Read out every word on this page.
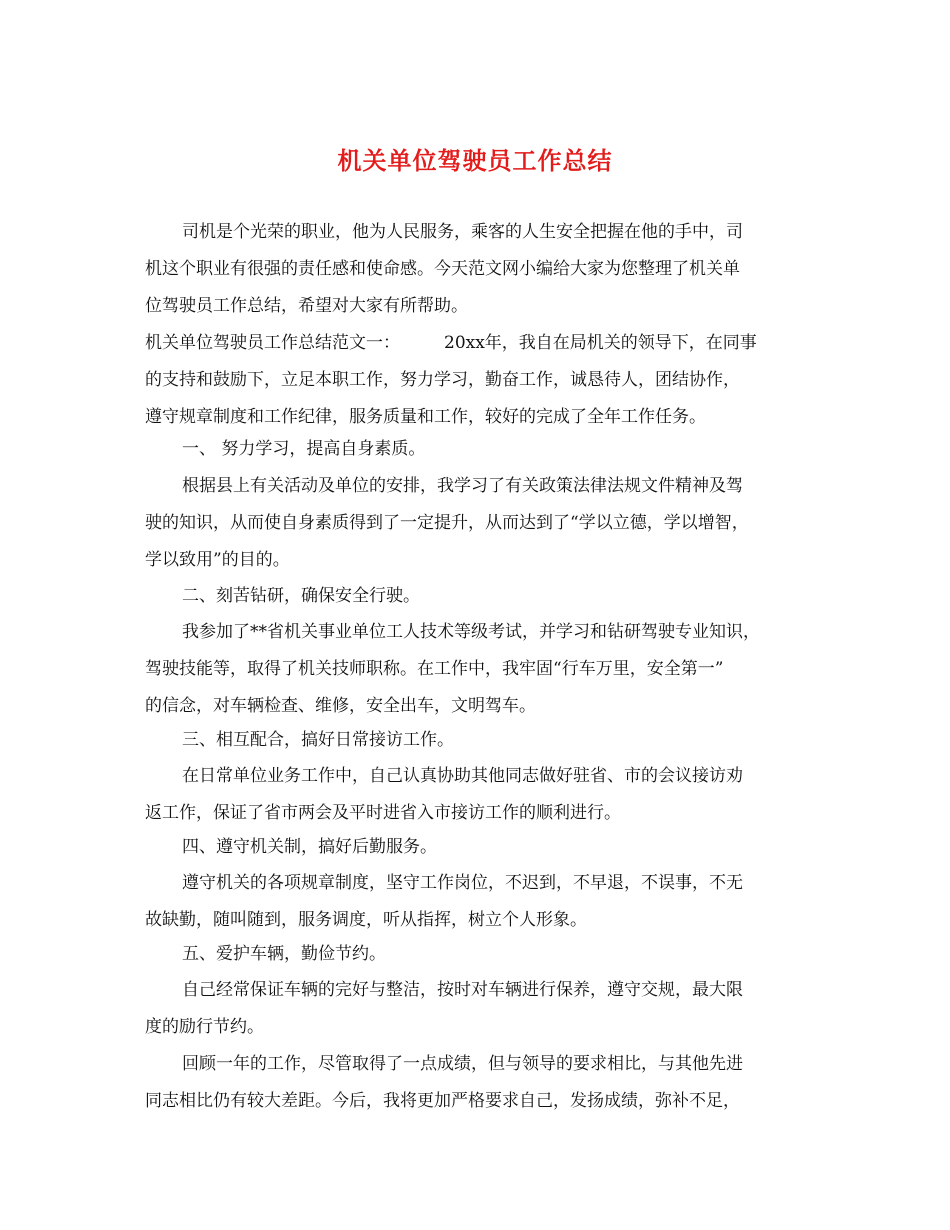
机关单位驾驶员工作总结
司机是个光荣的职业，他为人民服务，乘客的人生安全把握在他的手中，司
机这个职业有很强的责任感和使命感。今天范文网小编给大家为您整理了机关单
位驾驶员工作总结，希望对大家有所帮助。
机关单位驾驶员工作总结范文一：	20xx年，我自在局机关的领导下，在同事
的支持和鼓励下，立足本职工作，努力学习，勤奋工作，诚恳待人，团结协作，
遵守规章制度和工作纪律，服务质量和工作，较好的完成了全年工作任务。
一、 努力学习，提高自身素质。
根据县上有关活动及单位的安排，我学习了有关政策法律法规文件精神及驾
驶的知识，从而使自身素质得到了一定提升，从而达到了“学以立德，学以增智，
学以致用”的目的。
二、刻苦钻研，确保安全行驶。
我参加了**省机关事业单位工人技术等级考试，并学习和钻研驾驶专业知识，
驾驶技能等，取得了机关技师职称。在工作中，我牢固“行车万里，安全第一”
的信念，对车辆检查、维修，安全出车，文明驾车。
三、相互配合，搞好日常接访工作。
在日常单位业务工作中，自己认真协助其他同志做好驻省、市的会议接访劝
返工作，保证了省市两会及平时进省入市接访工作的顺利进行。
四、遵守机关制，搞好后勤服务。
遵守机关的各项规章制度，坚守工作岗位，不迟到，不早退，不误事，不无
故缺勤，随叫随到，服务调度，听从指挥，树立个人形象。
五、爱护车辆，勤俭节约。
自己经常保证车辆的完好与整洁，按时对车辆进行保养，遵守交规，最大限
度的励行节约。
回顾一年的工作，尽管取得了一点成绩，但与领导的要求相比，与其他先进
同志相比仍有较大差距。今后，我将更加严格要求自己，发扬成绩，弥补不足，
